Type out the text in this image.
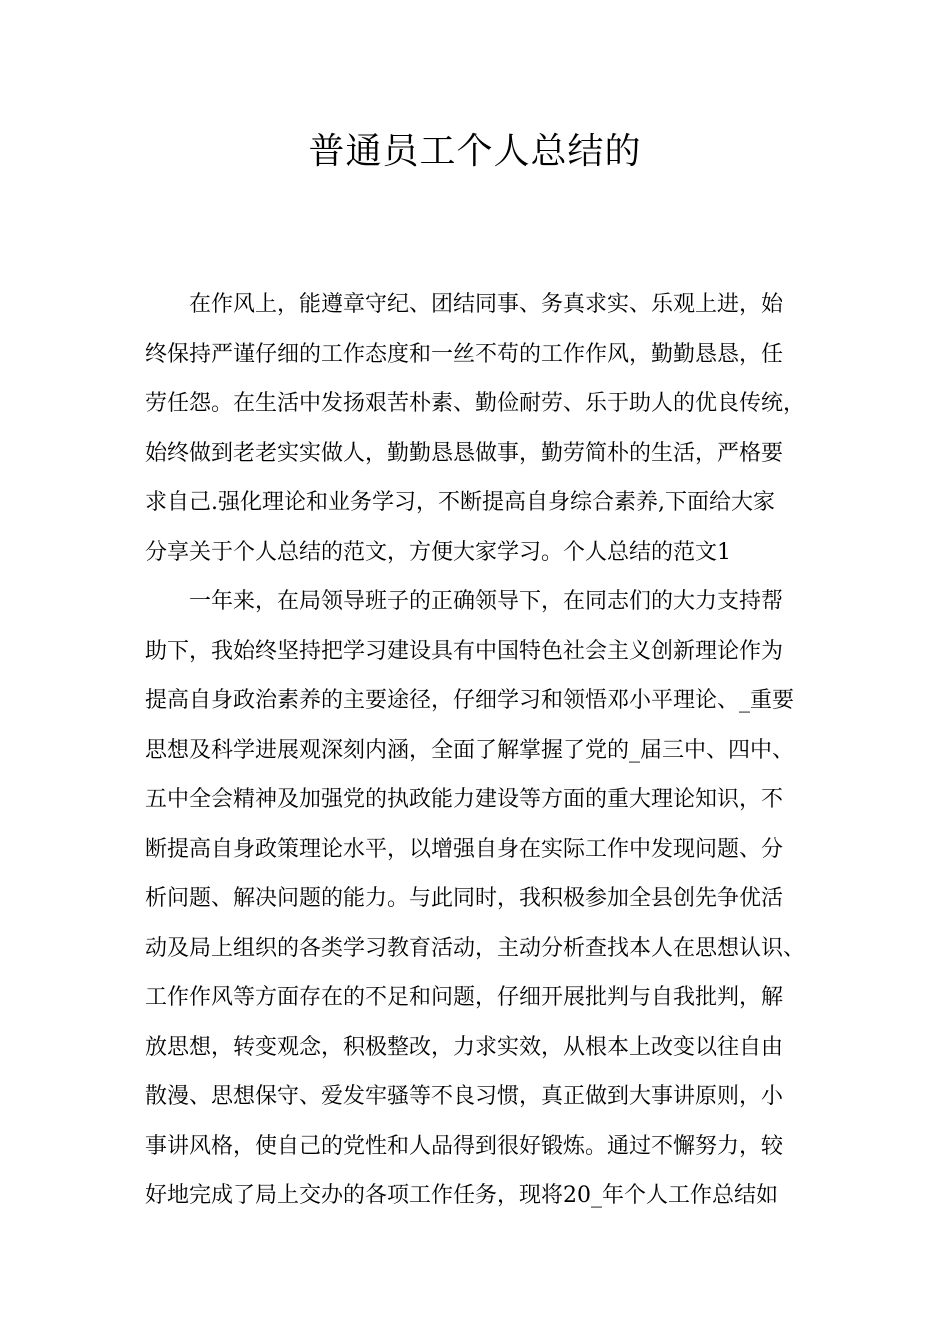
普通员工个人总结的
在作风上，能遵章守纪、团结同事、务真求实、乐观上进，始
终保持严谨仔细的工作态度和一丝不苟的工作作风，勤勤恳恳，任
劳任怨。在生活中发扬艰苦朴素、勤俭耐劳、乐于助人的优良传统，
始终做到老老实实做人，勤勤恳恳做事，勤劳简朴的生活，严格要
求自己.强化理论和业务学习，不断提高自身综合素养,下面给大家
分享关于个人总结的范文，方便大家学习。个人总结的范文1
一年来，在局领导班子的正确领导下，在同志们的大力支持帮
助下，我始终坚持把学习建设具有中国特色社会主义创新理论作为
提高自身政治素养的主要途径，仔细学习和领悟邓小平理论、_重要
思想及科学进展观深刻内涵，全面了解掌握了党的_届三中、四中、
五中全会精神及加强党的执政能力建设等方面的重大理论知识，不
断提高自身政策理论水平，以增强自身在实际工作中发现问题、分
析问题、解决问题的能力。与此同时，我积极参加全县创先争优活
动及局上组织的各类学习教育活动，主动分析查找本人在思想认识、
工作作风等方面存在的不足和问题，仔细开展批判与自我批判，解
放思想，转变观念，积极整改，力求实效，从根本上改变以往自由
散漫、思想保守、爱发牢骚等不良习惯，真正做到大事讲原则，小
事讲风格，使自己的党性和人品得到很好锻炼。通过不懈努力，较
好地完成了局上交办的各项工作任务，现将20_年个人工作总结如
